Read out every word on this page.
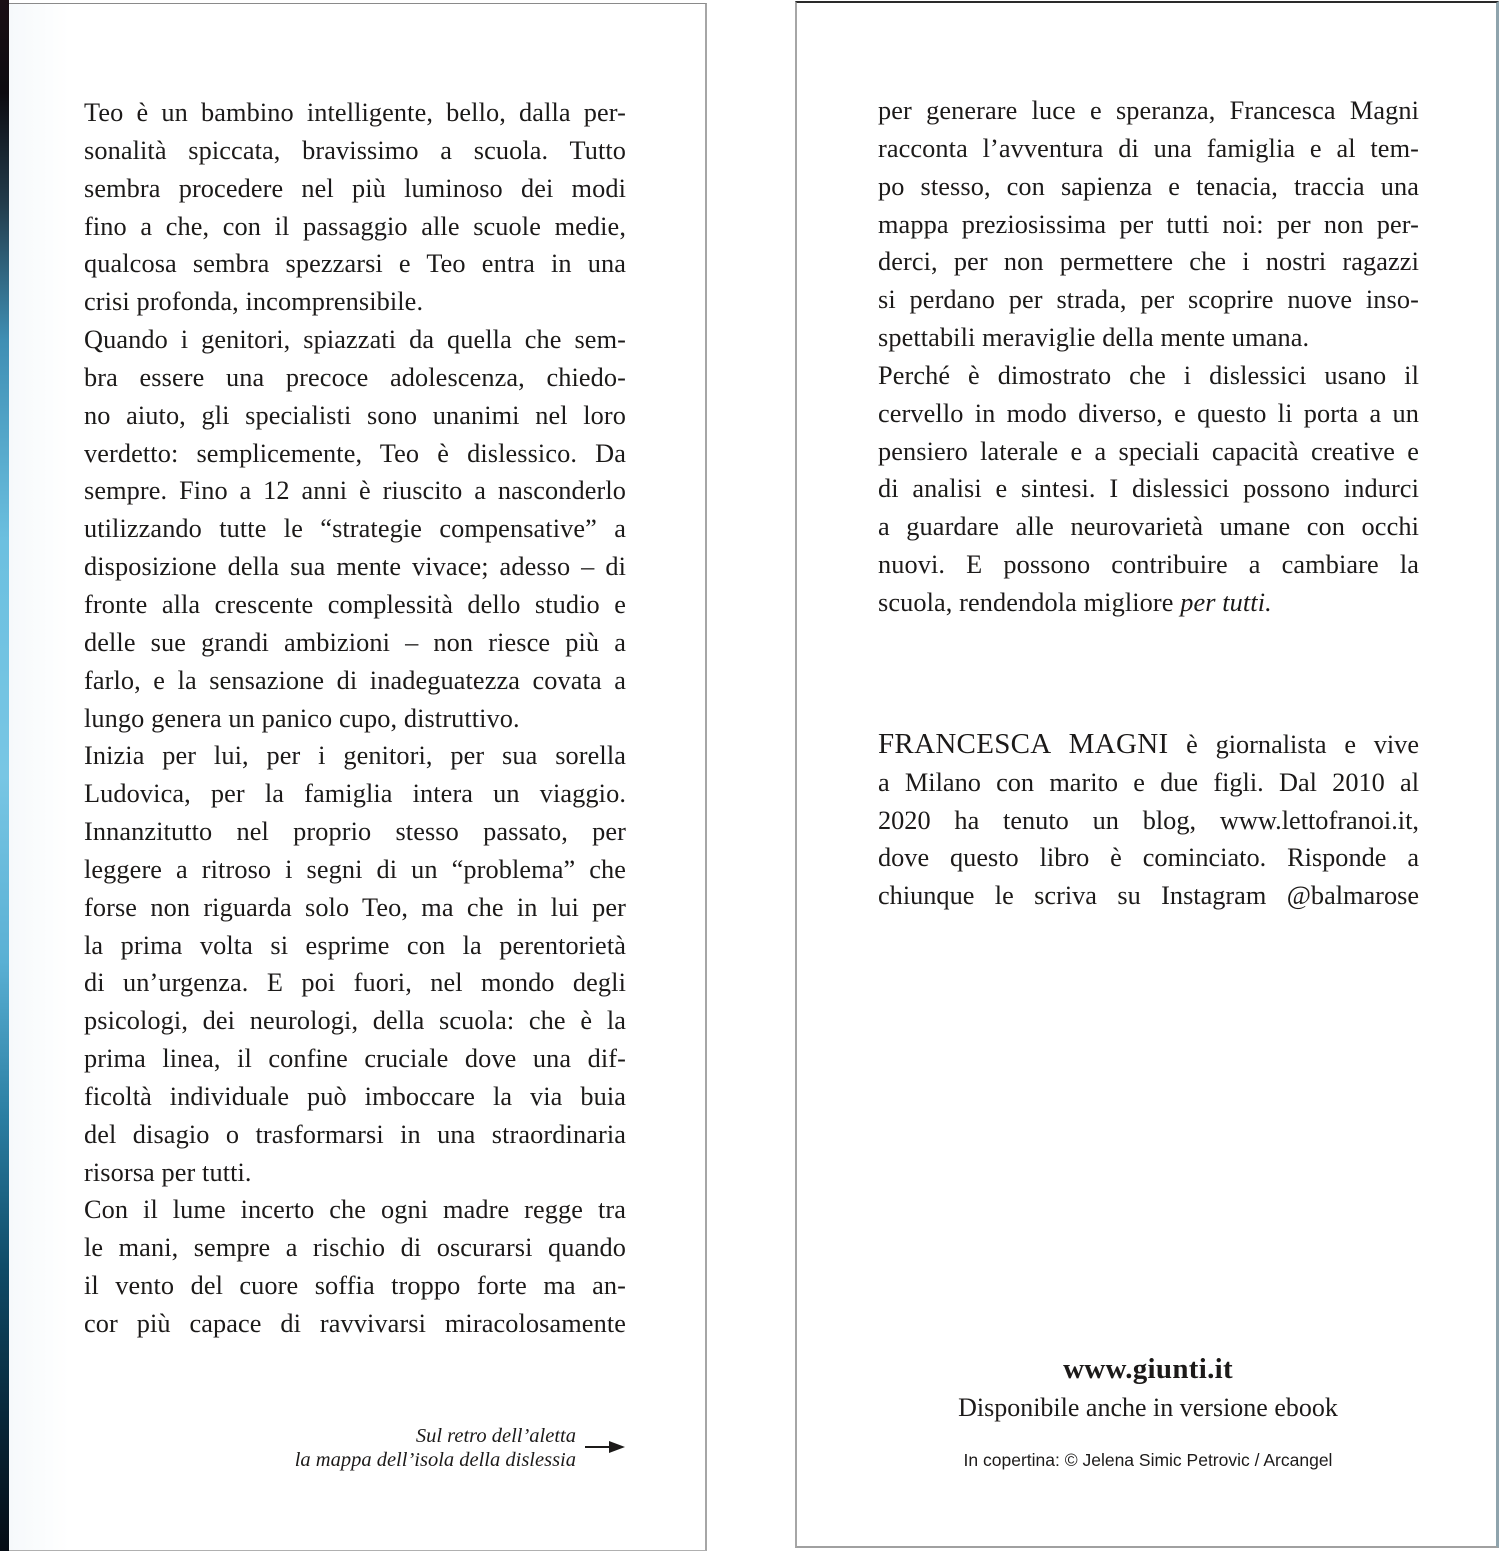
Teo è un bambino intelligente, bello, dalla per-
sonalità spiccata, bravissimo a scuola. Tutto
sembra procedere nel più luminoso dei modi
fino a che, con il passaggio alle scuole medie,
qualcosa sembra spezzarsi e Teo entra in una
crisi profonda, incomprensibile.
Quando i genitori, spiazzati da quella che sem-
bra essere una precoce adolescenza, chiedo-
no aiuto, gli specialisti sono unanimi nel loro
verdetto: semplicemente, Teo è dislessico. Da
sempre. Fino a 12 anni è riuscito a nasconderlo
utilizzando tutte le “strategie compensative” a
disposizione della sua mente vivace; adesso – di
fronte alla crescente complessità dello studio e
delle sue grandi ambizioni – non riesce più a
farlo, e la sensazione di inadeguatezza covata a
lungo genera un panico cupo, distruttivo.
Inizia per lui, per i genitori, per sua sorella
Ludovica, per la famiglia intera un viaggio.
Innanzitutto nel proprio stesso passato, per
leggere a ritroso i segni di un “problema” che
forse non riguarda solo Teo, ma che in lui per
la prima volta si esprime con la perentorietà
di un’urgenza. E poi fuori, nel mondo degli
psicologi, dei neurologi, della scuola: che è la
prima linea, il confine cruciale dove una dif-
ficoltà individuale può imboccare la via buia
del disagio o trasformarsi in una straordinaria
risorsa per tutti.
Con il lume incerto che ogni madre regge tra
le mani, sempre a rischio di oscurarsi quando
il vento del cuore soffia troppo forte ma an-
cor più capace di ravvivarsi miracolosamente
Sul retro dell’aletta
la mappa dell’isola della dislessia
per generare luce e speranza, Francesca Magni
racconta l’avventura di una famiglia e al tem-
po stesso, con sapienza e tenacia, traccia una
mappa preziosissima per tutti noi: per non per-
derci, per non permettere che i nostri ragazzi
si perdano per strada, per scoprire nuove inso-
spettabili meraviglie della mente umana.
Perché è dimostrato che i dislessici usano il
cervello in modo diverso, e questo li porta a un
pensiero laterale e a speciali capacità creative e
di analisi e sintesi. I dislessici possono indurci
a guardare alle neurovarietà umane con occhi
nuovi. E possono contribuire a cambiare la
scuola, rendendola migliore per tutti.
FRANCESCA MAGNI è giornalista e vive
a Milano con marito e due figli. Dal 2010 al
2020 ha tenuto un blog, www.lettofranoi.it,
dove questo libro è cominciato. Risponde a
chiunque le scriva su Instagram @balmarose
www.giunti.it
Disponibile anche in versione ebook
In copertina: © Jelena Simic Petrovic / Arcangel
